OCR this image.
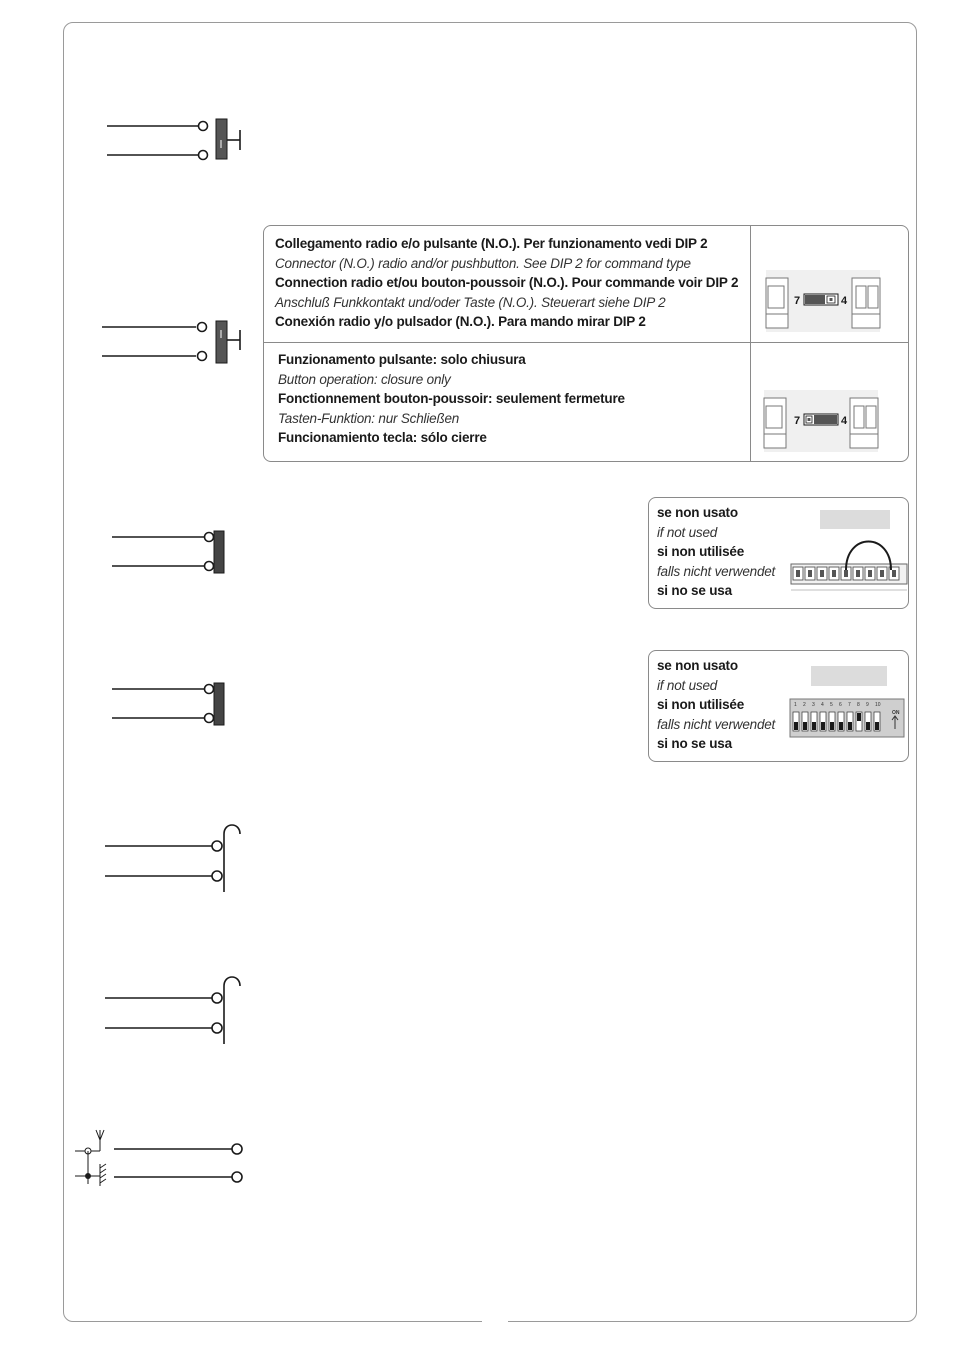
Collegamento radio e/o pulsante (N.O.). Per funzionamento vedi DIP 2
Connector (N.O.) radio and/or pushbutton. See DIP 2 for command type
Connection radio et/ou bouton-poussoir (N.O.). Pour commande voir DIP 2
Anschluß Funkkontakt und/oder Taste (N.O.). Steuerart siehe DIP 2
Conexión radio y/o pulsador (N.O.). Para mando mirar DIP 2
Funzionamento pulsante: solo chiusura
Button operation: closure only
Fonctionnement bouton-poussoir: seulement fermeture
Tasten-Funktion: nur Schließen
Funcionamiento tecla: sólo cierre
7	4
7	4
se non usato
if not used
si non utilisée
falls nicht verwendet
si no se usa
se non usato
if not used
si non utilisée
falls nicht verwendet
si no se usa
1 2 3 4 5 6 7 8 9 10
ON
